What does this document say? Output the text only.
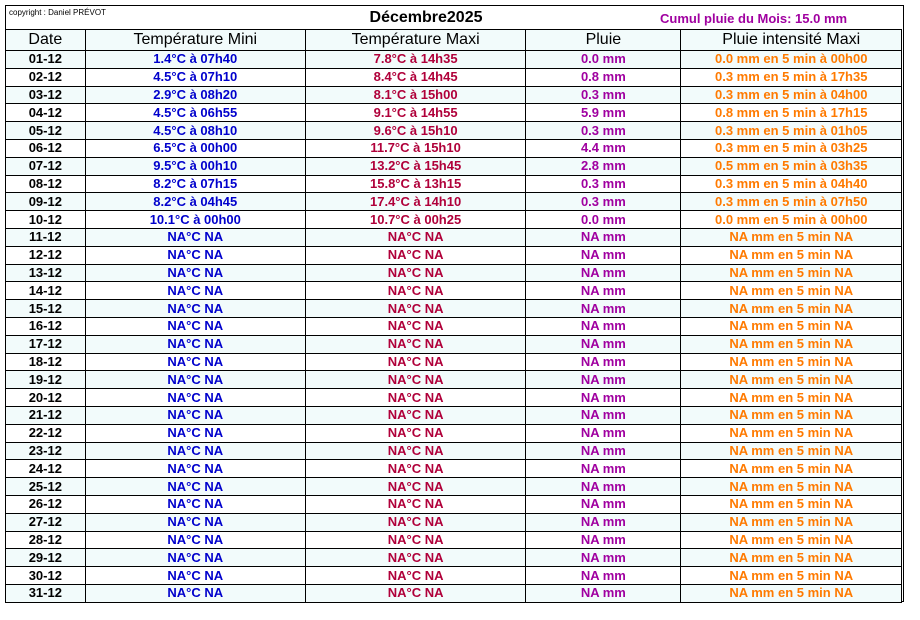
copyright : Daniel PRÉVOT	Décembre2025	Cumul pluie du Mois: 15.0 mm
Date	Température Mini	Température Maxi	Pluie	Pluie intensité Maxi
01-12	1.4°C à 07h40	7.8°C à 14h35	0.0 mm	0.0 mm en 5 min à 00h00
02-12	4.5°C à 07h10	8.4°C à 14h45	0.8 mm	0.3 mm en 5 min à 17h35
03-12	2.9°C à 08h20	8.1°C à 15h00	0.3 mm	0.3 mm en 5 min à 04h00
04-12	4.5°C à 06h55	9.1°C à 14h55	5.9 mm	0.8 mm en 5 min à 17h15
05-12	4.5°C à 08h10	9.6°C à 15h10	0.3 mm	0.3 mm en 5 min à 01h05
06-12	6.5°C à 00h00	11.7°C à 15h10	4.4 mm	0.3 mm en 5 min à 03h25
07-12	9.5°C à 00h10	13.2°C à 15h45	2.8 mm	0.5 mm en 5 min à 03h35
08-12	8.2°C à 07h15	15.8°C à 13h15	0.3 mm	0.3 mm en 5 min à 04h40
09-12	8.2°C à 04h45	17.4°C à 14h10	0.3 mm	0.3 mm en 5 min à 07h50
10-12	10.1°C à 00h00	10.7°C à 00h25	0.0 mm	0.0 mm en 5 min à 00h00
11-12	NA°C NA	NA°C NA	NA mm	NA mm en 5 min NA
12-12	NA°C NA	NA°C NA	NA mm	NA mm en 5 min NA
13-12	NA°C NA	NA°C NA	NA mm	NA mm en 5 min NA
14-12	NA°C NA	NA°C NA	NA mm	NA mm en 5 min NA
15-12	NA°C NA	NA°C NA	NA mm	NA mm en 5 min NA
16-12	NA°C NA	NA°C NA	NA mm	NA mm en 5 min NA
17-12	NA°C NA	NA°C NA	NA mm	NA mm en 5 min NA
18-12	NA°C NA	NA°C NA	NA mm	NA mm en 5 min NA
19-12	NA°C NA	NA°C NA	NA mm	NA mm en 5 min NA
20-12	NA°C NA	NA°C NA	NA mm	NA mm en 5 min NA
21-12	NA°C NA	NA°C NA	NA mm	NA mm en 5 min NA
22-12	NA°C NA	NA°C NA	NA mm	NA mm en 5 min NA
23-12	NA°C NA	NA°C NA	NA mm	NA mm en 5 min NA
24-12	NA°C NA	NA°C NA	NA mm	NA mm en 5 min NA
25-12	NA°C NA	NA°C NA	NA mm	NA mm en 5 min NA
26-12	NA°C NA	NA°C NA	NA mm	NA mm en 5 min NA
27-12	NA°C NA	NA°C NA	NA mm	NA mm en 5 min NA
28-12	NA°C NA	NA°C NA	NA mm	NA mm en 5 min NA
29-12	NA°C NA	NA°C NA	NA mm	NA mm en 5 min NA
30-12	NA°C NA	NA°C NA	NA mm	NA mm en 5 min NA
31-12	NA°C NA	NA°C NA	NA mm	NA mm en 5 min NA
